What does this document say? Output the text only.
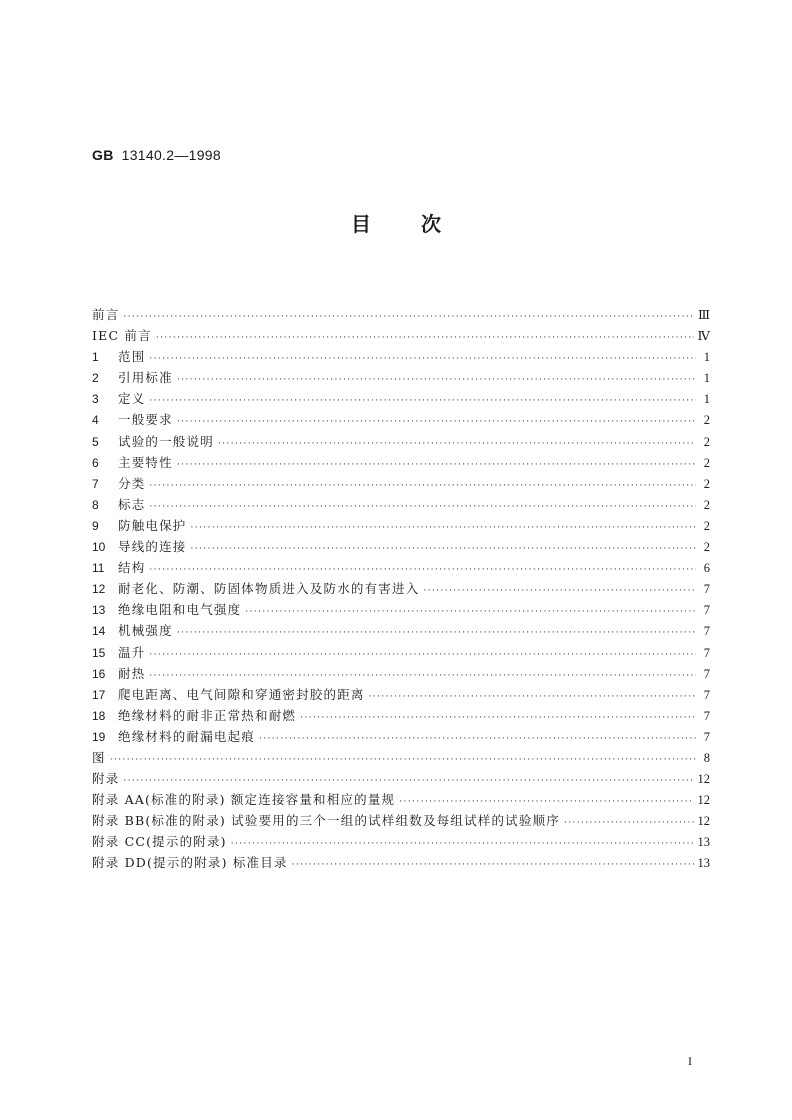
GB 13140.2—1998
目次
前言 ·····	Ⅲ
IEC 前言 ·····	Ⅳ
1	范围 ·····	1
2	引用标准 ·····	1
3	定义 ·····	1
4	一般要求 ·····	2
5	试验的一般说明 ·····	2
6	主要特性 ·····	2
7	分类 ·····	2
8	标志 ·····	2
9	防触电保护 ·····	2
10	导线的连接 ·····	2
11	结构 ·····	6
12	耐老化、防潮、防固体物质进入及防水的有害进入 ·····	7
13	绝缘电阻和电气强度 ·····	7
14	机械强度 ·····	7
15	温升 ·····	7
16	耐热 ·····	7
17	爬电距离、电气间隙和穿通密封胶的距离 ·····	7
18	绝缘材料的耐非正常热和耐燃 ·····	7
19	绝缘材料的耐漏电起痕 ·····	7
图 ·····	8
附录 ·····	12
附录 AA(标准的附录) 额定连接容量和相应的量规 ·····	12
附录 BB(标准的附录) 试验要用的三个一组的试样组数及每组试样的试验顺序 ·····	12
附录 CC(提示的附录) ·····	13
附录 DD(提示的附录) 标准目录 ·····	13
I
